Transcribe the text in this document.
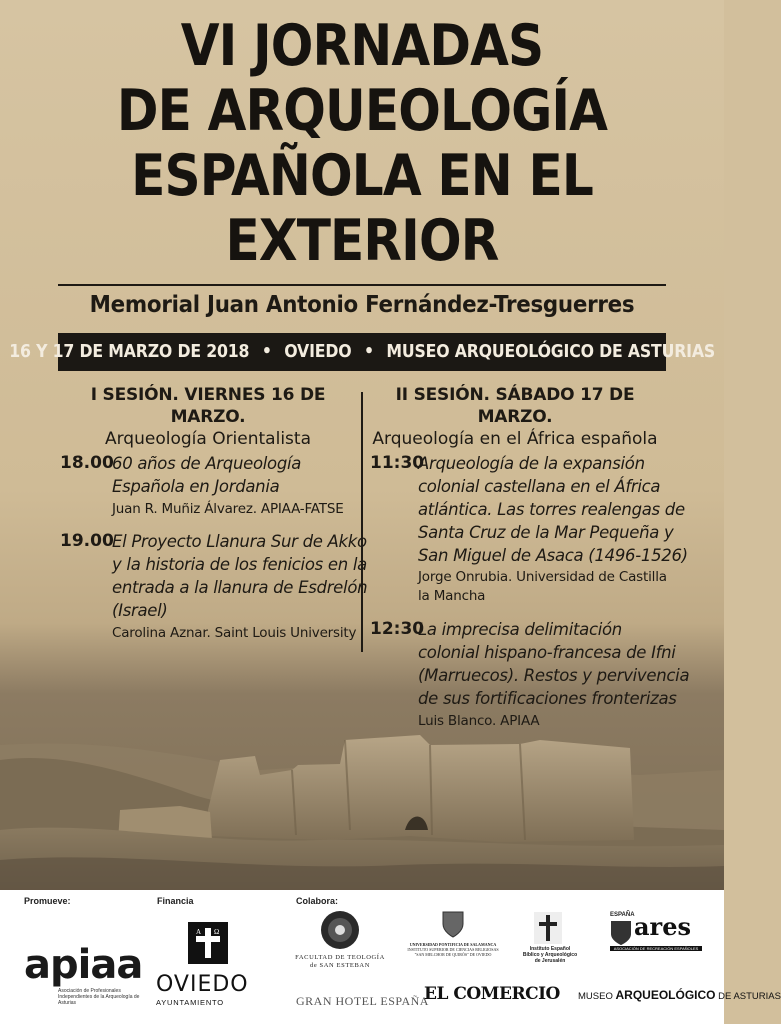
VI JORNADAS
DE ARQUEOLOGÍA
ESPAÑOLA EN EL
EXTERIOR
Memorial Juan Antonio Fernández-Tresguerres
16 Y 17 DE MARZO DE 2018 • OVIEDO • MUSEO ARQUEOLÓGICO DE ASTURIAS
I SESIÓN. VIERNES 16 DE MARZO.
Arqueología Orientalista
18.00
60 años de Arqueología
Española en Jordania
Juan R. Muñiz Álvarez. APIAA-FATSE
19.00
El Proyecto Llanura Sur de Akko
y la historia de los fenicios en la
entrada a la llanura de Esdrelón
(Israel)
Carolina Aznar. Saint Louis University
II SESIÓN. SÁBADO 17 DE MARZO.
Arqueología en el África española
11:30
Arqueología de la expansión
colonial castellana en el África
atlántica. Las torres realengas de
Santa Cruz de la Mar Pequeña y
San Miguel de Asaca (1496-1526)
Jorge Onrubia. Universidad de Castilla
la Mancha
12:30
La imprecisa delimitación
colonial hispano-francesa de Ifni
(Marruecos). Restos y pervivencia
de sus fortificaciones fronterizas
Luis Blanco. APIAA
Promueve:	Financia	Colabora:
apiaa
Asociación de Profesionales Independientes de la Arqueología de Asturias
A Ω
OVIEDO
AYUNTAMIENTO
FACULTAD DE TEOLOGÍA
de SAN ESTEBAN
GRAN HOTEL ESPAÑA
UNIVERSIDAD PONTIFICIA DE SALAMANCA
INSTITUTO SUPERIOR DE CIENCIAS RELIGIOSAS
"SAN MELCHOR DE QUIRÓS" DE OVIEDO
EL COMERCIO
Instituto Español
Bíblico y Arqueológico
de Jerusalén
ESPAÑA ares
ASOCIACIÓN DE RECREACIÓN ESPAÑOLES
MUSEO ARQUEOLÓGICO DE ASTURIAS
